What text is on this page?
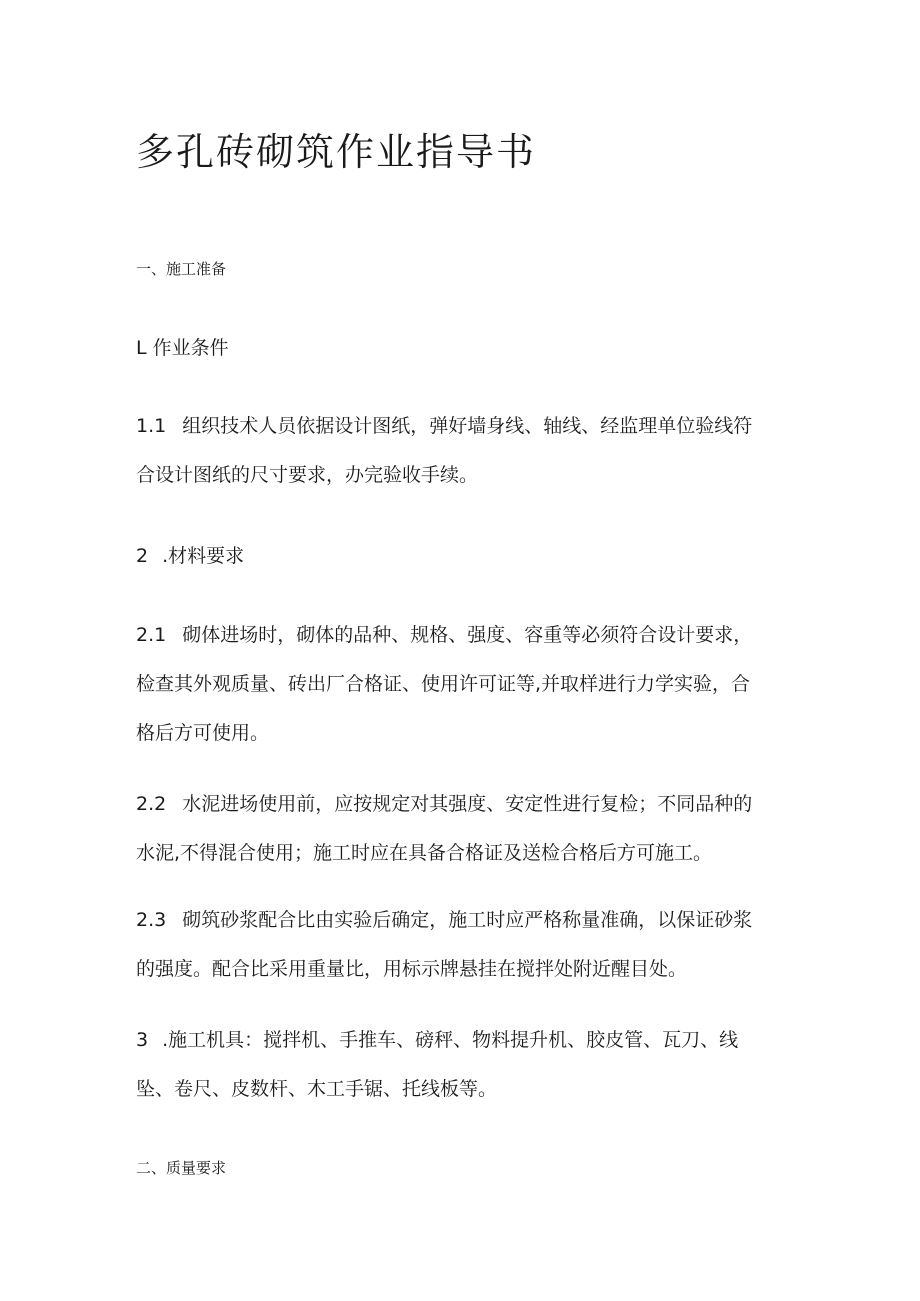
多孔砖砌筑作业指导书
一、施工准备
L 作业条件
1.1 组织技术人员依据设计图纸，弹好墙身线、轴线、经监理单位验线符
合设计图纸的尺寸要求，办完验收手续。
2 .材料要求
2.1 砌体进场时，砌体的品种、规格、强度、容重等必须符合设计要求，
检查其外观质量、砖出厂合格证、使用许可证等,并取样进行力学实验，合
格后方可使用。
2.2 水泥进场使用前，应按规定对其强度、安定性进行复检；不同品种的
水泥,不得混合使用；施工时应在具备合格证及送检合格后方可施工。
2.3 砌筑砂浆配合比由实验后确定，施工时应严格称量准确，以保证砂浆
的强度。配合比采用重量比，用标示牌悬挂在搅拌处附近醒目处。
3 .施工机具：搅拌机、手推车、磅秤、物料提升机、胶皮管、瓦刀、线
坠、卷尺、皮数杆、木工手锯、托线板等。
二、质量要求
